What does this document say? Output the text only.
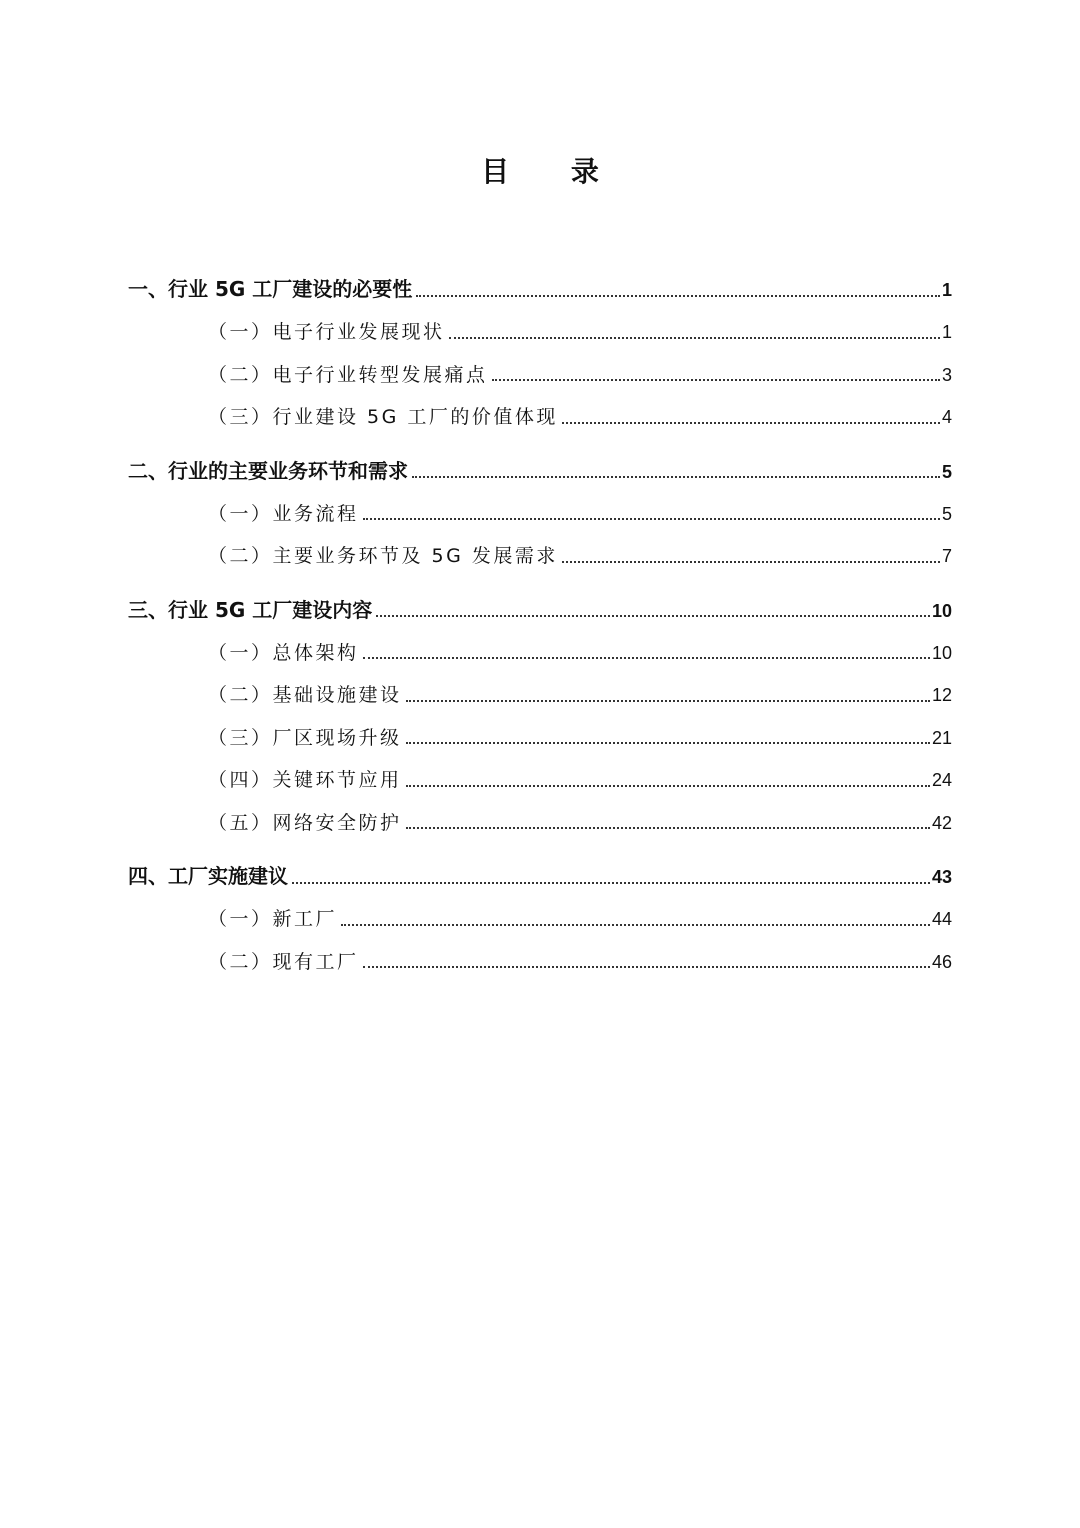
目 录
一、行业 5G 工厂建设的必要性	1
（一）电子行业发展现状	1
（二）电子行业转型发展痛点	3
（三）行业建设 5G 工厂的价值体现	4
二、行业的主要业务环节和需求	5
（一）业务流程	5
（二）主要业务环节及 5G 发展需求	7
三、行业 5G 工厂建设内容	10
（一）总体架构	10
（二）基础设施建设	12
（三）厂区现场升级	21
（四）关键环节应用	24
（五）网络安全防护	42
四、工厂实施建议	43
（一）新工厂	44
（二）现有工厂	46
